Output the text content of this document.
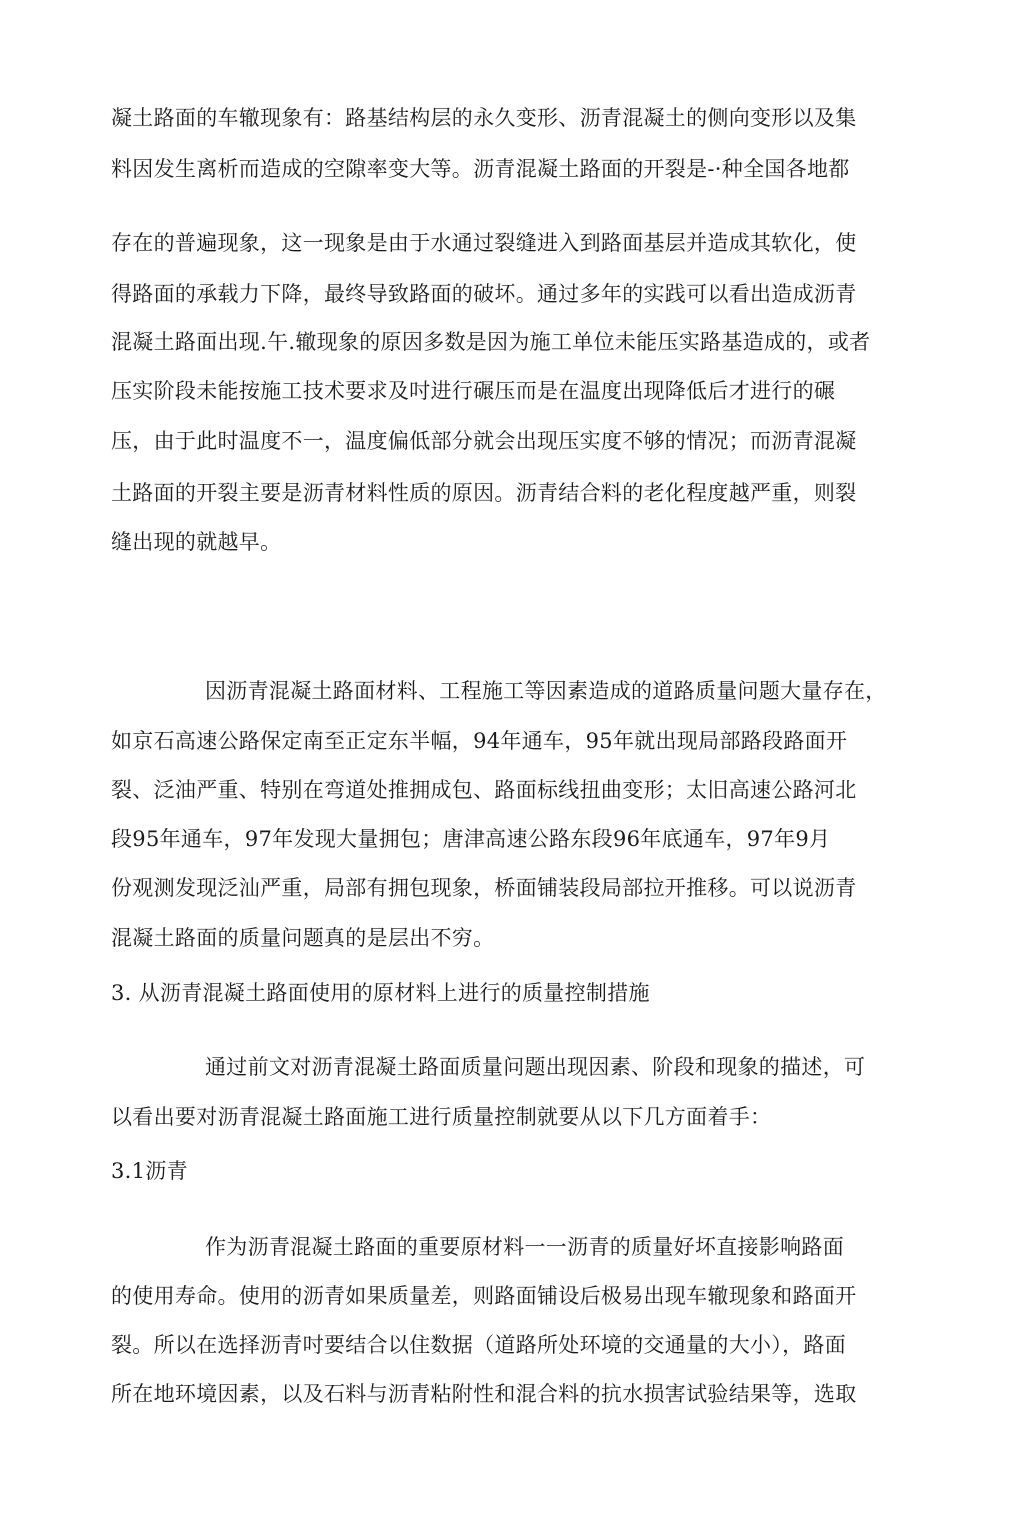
凝土路面的车辙现象有：路基结构层的永久变形、沥青混凝土的侧向变形以及集
料因发生离析而造成的空隙率变大等。沥青混凝土路面的开裂是-·种全国各地都
存在的普遍现象，这一现象是由于水通过裂缝进入到路面基层并造成其软化，使
得路面的承载力下降，最终导致路面的破坏。通过多年的实践可以看出造成沥青
混凝土路面出现.午.辙现象的原因多数是因为施工单位未能压实路基造成的，或者
压实阶段未能按施工技术要求及吋进行碾压而是在温度出现降低后才进行的碾
压，由于此时温度不一，温度偏低部分就会出现压实度不够的情况；而沥青混凝
土路面的开裂主要是沥青材料性质的原因。沥青结合料的老化程度越严重，则裂
缝出现的就越早。
因沥青混凝土路面材料、工程施工等因素造成的道路质量问题大量存在，
如京石高速公路保定南至正定东半幅，94年通车，95年就出现局部路段路面开
裂、泛油严重、特别在弯道处推拥成包、路面标线扭曲变形；太旧高速公路河北
段95年通车，97年发现大量拥包；唐津高速公路东段96年底通车，97年9月
份观测发现泛汕严重，局部有拥包现象，桥面铺装段局部拉开推移。可以说沥青
混凝土路面的质量问题真的是层出不穷。
3. 从沥青混凝土路面使用的原材料上进行的质量控制措施
通过前文对沥青混凝土路面质量问题出现因素、阶段和现象的描述，可
以看出要对沥青混凝土路面施工进行质量控制就要从以下几方面着手：
3.1沥青
作为沥青混凝土路面的重要原材料一一沥青的质量好坏直接影响路面
的使用寿命。使用的沥青如果质量差，则路面铺设后极易出现车辙现象和路面开
裂。所以在选择沥青吋要结合以住数据（道路所处环境的交通量的大小），路面
所在地环境因素，以及石料与沥青粘附性和混合料的抗水损害试验结果等，选取
